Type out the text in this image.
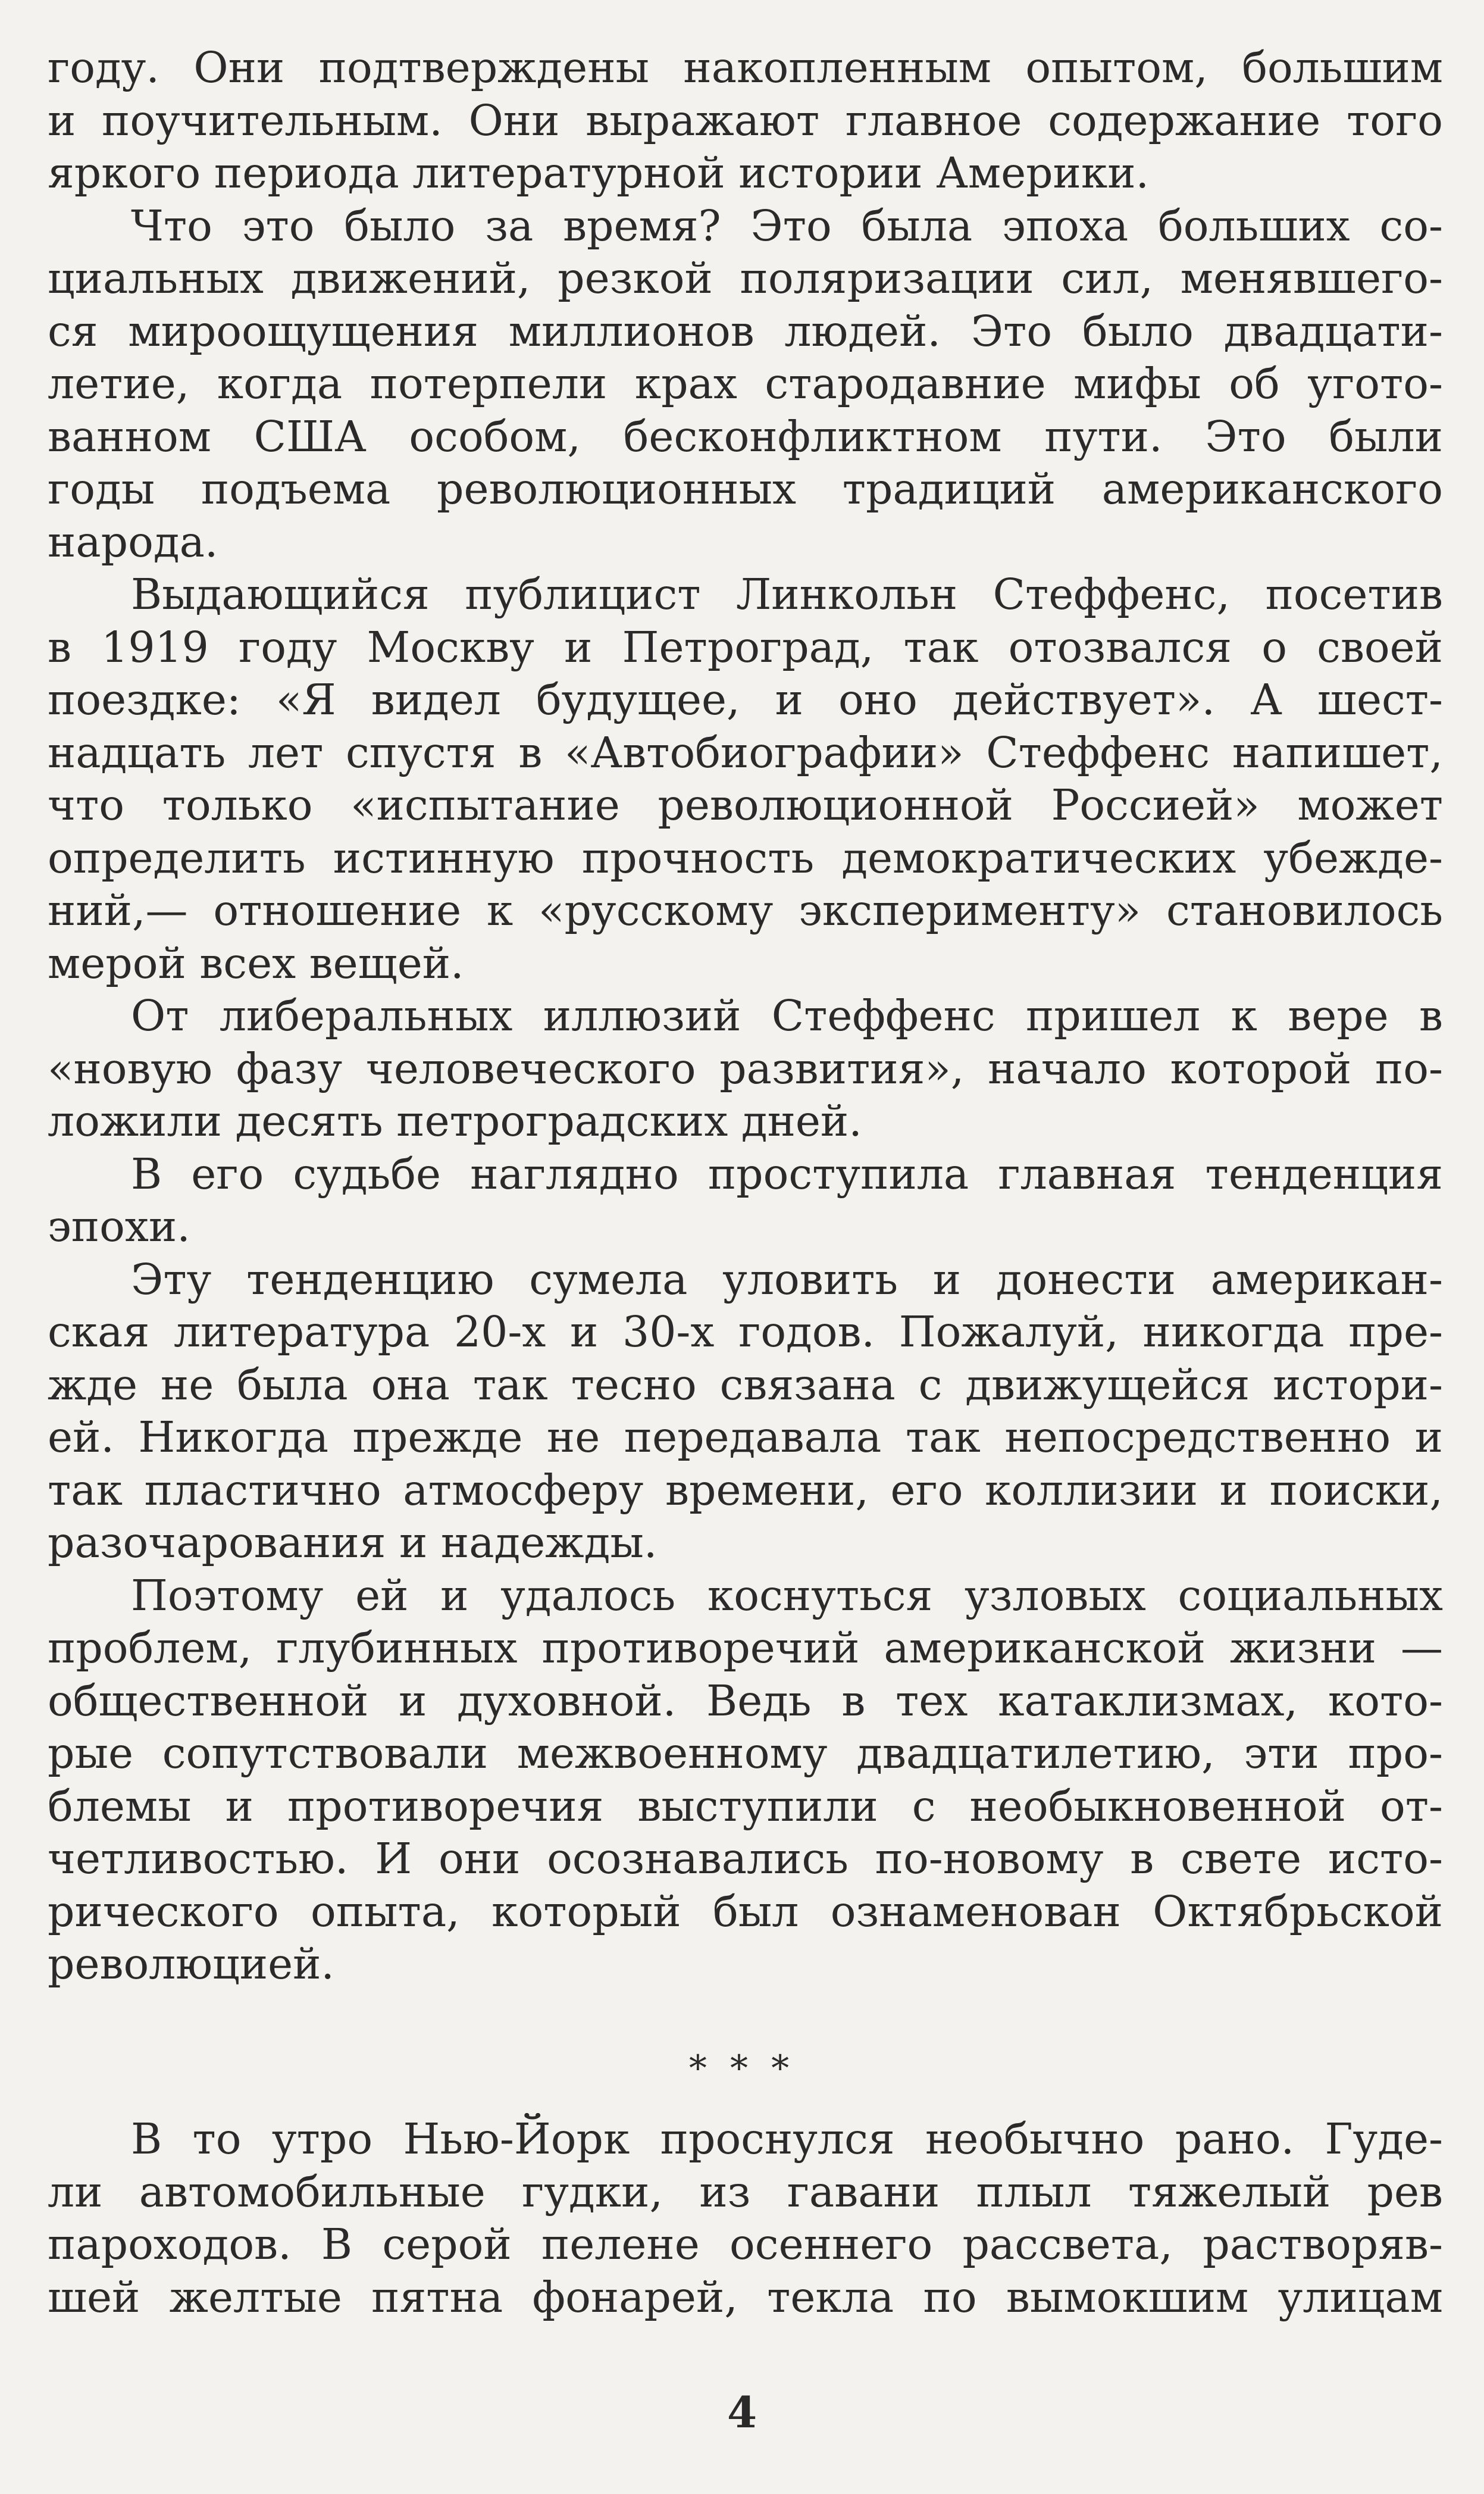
году. Они подтверждены накопленным опытом, большим
и поучительным. Они выражают главное содержание того
яркого периода литературной истории Америки.

Что это было за время? Это была эпоха больших со-
циальных движений, резкой поляризации сил, менявшего-
ся мироощущения миллионов людей. Это было двадцати-
летие, когда потерпели крах стародавние мифы об угото-
ванном США особом, бесконфликтном пути. Это были
годы подъема революционных традиций американского
народа.

Выдающийся публицист Линкольн Стеффенс, посетив
в 1919 году Москву и Петроград, так отозвался о своей
поездке: «Я видел будущее, и оно действует». А шест-
надцать лет спустя в «Автобиографии» Стеффенс напишет,
что только «испытание революционной Россией» может
определить истинную прочность демократических убежде-
ний,— отношение к «русскому эксперименту» становилось
мерой всех вещей.

От либеральных иллюзий Стеффенс пришел к вере в
«новую фазу человеческого развития», начало которой по-
ложили десять петроградских дней.

В его судьбе наглядно проступила главная тенденция
эпохи.

Эту тенденцию сумела уловить и донести американ-
ская литература 20-х и 30-х годов. Пожалуй, никогда пре-
жде не была она так тесно связана с движущейся истори-
ей. Никогда прежде не передавала так непосредственно и
так пластично атмосферу времени, его коллизии и поиски,
разочарования и надежды.

Поэтому ей и удалось коснуться узловых социальных
проблем, глубинных противоречий американской жизни —
общественной и духовной. Ведь в тех катаклизмах, кото-
рые сопутствовали межвоенному двадцатилетию, эти про-
блемы и противоречия выступили с необыкновенной от-
четливостью. И они осознавались по-новому в свете исто-
рического опыта, который был ознаменован Октябрьской
революцией.

* * *

В то утро Нью-Йорк проснулся необычно рано. Гуде-
ли автомобильные гудки, из гавани плыл тяжелый рев
пароходов. В серой пелене осеннего рассвета, растворяв-
шей желтые пятна фонарей, текла по вымокшим улицам

4
